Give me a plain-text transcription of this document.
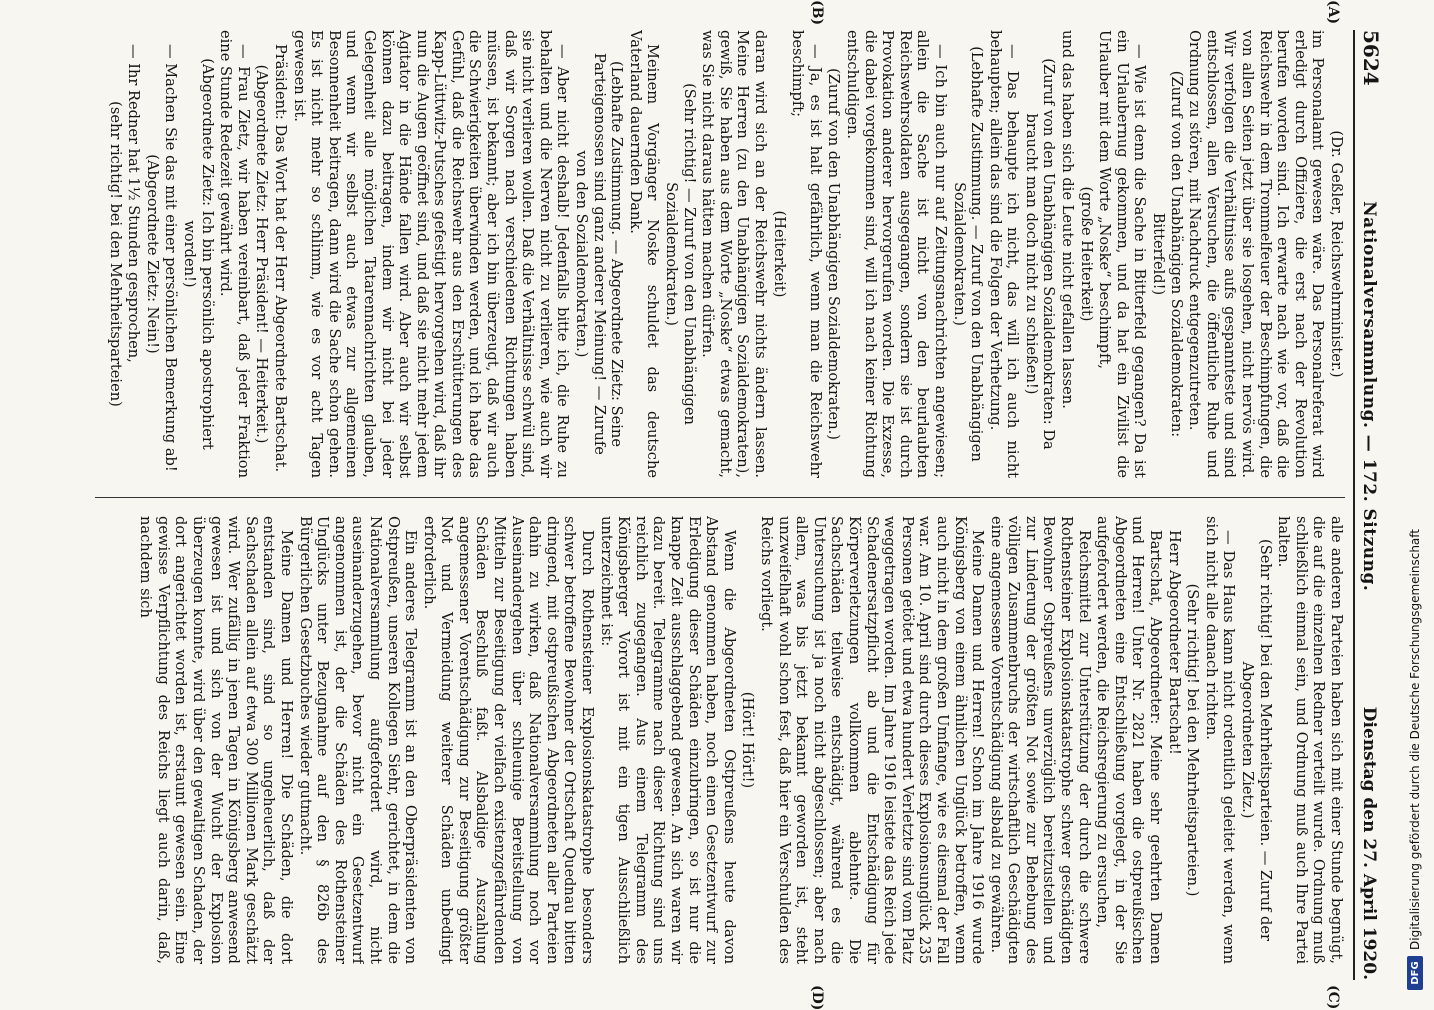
5624
Nationalversammlung. — 172. Sitzung.
Dienstag den 27. April 1920.

(Dr. Geßler, Reichswehrminister.)

im Personalamt gewesen wäre. Das Personalreferat wird erledigt durch Offiziere, die erst nach der Revolution berufen worden sind. Ich erwarte nach wie vor, daß die Reichswehr in dem Trommelfeuer der Beschimpfungen, die von allen Seiten jetzt über sie losgehen, nicht nervös wird. Wir verfolgen die Verhältnisse aufs gespannteste und sind entschlossen, allen Versuchen, die öffentliche Ruhe und Ordnung zu stören, mit Nachdruck entgegenzutreten.

(Zuruf von den Unabhängigen Sozialdemokraten: Bitterfeld!)

— Wie ist denn die Sache in Bitterfeld gegangen? Da ist ein Urlaubernug gekommen, und da hat ein Zivilist die Urlauber mit dem Worte „Noske“ beschimpft,

(große Heiterkeit)

und das haben sich die Leute nicht gefallen lassen.

(Zuruf von den Unabhängigen Sozialdemokraten: Da braucht man doch nicht zu schießen!)

— Das behaupte ich nicht, das will ich auch nicht behaupten; allein das sind die Folgen der Verhetzung.

(Lebhafte Zustimmung. — Zuruf von den Unabhängigen Sozialdemokraten.)

— Ich bin auch nur auf Zeitungsnachrichten angewiesen; allein die Sache ist nicht von den beurlaubten Reichswehrsoldaten ausgegangen, sondern sie ist durch Provokation anderer hervorgerufen worden. Die Exzesse, die dabei vorgekommen sind, will ich nach keiner Richtung entschuldigen.

(Zuruf von den Unabhängigen Sozialdemokraten.)

— Ja, es ist halt gefährlich, wenn man die Reichswehr beschimpft;

(Heiterkeit)

daran wird sich an der Reichswehr nichts ändern lassen. Meine Herren (zu den Unabhängigen Sozialdemokraten), gewiß, Sie haben aus dem Worte „Noske“ etwas gemacht, was Sie nicht daraus hätten machen dürfen.

(Sehr richtig! — Zuruf von den Unabhängigen Sozialdemokraten.)

Meinem Vorgänger Noske schuldet das deutsche Vaterland dauernden Dank.

(Lebhafte Zustimmung. — Abgeordnete Zietz: Seine Parteigenossen sind ganz anderer Meinung! — Zurufe von den Sozialdemokraten.)

— Aber nicht deshalb! Jedenfalls bitte ich, die Ruhe zu behalten und die Nerven nicht zu verlieren, wie auch wir sie nicht verlieren wollen. Daß die Verhältnisse schwül sind, daß wir Sorgen nach verschiedenen Richtungen haben müssen, ist bekannt; aber ich bin überzeugt, daß wir auch die Schwierigkeiten überwinden werden, und ich habe das Gefühl, daß die Reichswehr aus den Erschütterungen des Kapp-Lüttwitz-Putsches gefestigt hervorgehen wird, daß ihr nun die Augen geöffnet sind, und daß sie nicht mehr jedem Agitator in die Hände fallen wird. Aber auch wir selbst können dazu beitragen, indem wir nicht bei jeder Gelegenheit alle möglichen Tatarennachrichten glauben, und wenn wir selbst auch etwas zur allgemeinen Besonnenheit beitragen, dann wird die Sache schon gehen. Es ist nicht mehr so schlimm, wie es vor acht Tagen gewesen ist.

Präsident: Das Wort hat der Herr Abgeordnete Bartschat.

(Abgeordnete Zietz: Herr Präsident! — Heiterkeit.)

— Frau Zietz, wir haben vereinbart, daß jeder Fraktion eine Stunde Redezeit gewährt wird.

(Abgeordnete Zietz: Ich bin persönlich apostrophiert worden!)

— Machen Sie das mit einer persönlichen Bemerkung ab!

(Abgeordnete Zietz: Nein!)

— Ihr Redner hat 1½ Stunden gesprochen,

(sehr richtig! bei den Mehrheitsparteien)

alle anderen Parteien haben sich mit einer Stunde begnügt, die auf die einzelnen Redner verteilt wurde. Ordnung muß schließlich einmal sein, und Ordnung muß auch Ihre Partei halten.

(Sehr richtig! bei den Mehrheitsparteien. — Zuruf der Abgeordneten Zietz.)

— Das Haus kann nicht ordentlich geleitet werden, wenn sich nicht alle danach richten.

(Sehr richtig! bei den Mehrheitsparteien.)

Herr Abgeordneter Bartschat!

Bartschat, Abgeordneter: Meine sehr geehrten Damen und Herren! Unter Nr. 2821 haben die ostpreußischen Abgeordneten eine Entschließung vorgelegt, in der Sie aufgefordert werden, die Reichsregierung zu ersuchen,

Reichsmittel zur Unterstützung der durch die schwere Rothensteiner Explosionskatastrophe schwer geschädigten Bewohner Ostpreußens unverzüglich bereitzustellen und zur Linderung der größten Not sowie zur Behebung des völligen Zusammenbruchs der wirtschaftlich Geschädigten eine angemessene Vorentschädigung alsbald zu gewähren.

Meine Damen und Herren! Schon im Jahre 1916 wurde Königsberg von einem ähnlichen Unglück betroffen, wenn auch nicht in dem großen Umfange, wie es diesmal der Fall war. Am 10. April sind durch dieses Explosionsunglück 235 Personen getötet und etwa hundert Verletzte sind vom Platz weggetragen worden. Im Jahre 1916 leistete das Reich jede Schadenersatzpflicht ab und die Entschädigung für Körperverletzungen vollkommen ablehnte. Die Sachschäden teilweise entschädigt, während es die Untersuchung ist ja noch nicht abgeschlossen; aber nach allem, was bis jetzt bekannt geworden ist, steht unzweifelhaft wohl schon fest, daß hier ein Verschulden des Reichs vorliegt.

(Hört! Hört!)

Wenn die Abgeordneten Ostpreußens heute davon Abstand genommen haben, noch einen Gesetzentwurf zur Erledigung dieser Schäden einzubringen, so ist nur die knappe Zeit ausschlaggebend gewesen. An sich waren wir dazu bereit. Telegramme nach dieser Richtung sind uns reichlich zugegangen. Aus einem Telegramm des Königsberger Vorort ist mit ein tigen Ausschließlich unterzeichnet ist:

Durch Rothensteiner Explosionskatastrophe besonders schwer betroffene Bewohner der Ortschaft Quednau bitten dringend, mit ostpreußischen Abgeordneten aller Parteien dahin zu wirken, daß Nationalversammlung noch vor Auseinandergehen über schleunige Bereitstellung von Mitteln zur Beseitigung der vielfach existenzgefährdenden Schäden Beschluß faßt. Alsbaldige Auszahlung angemessener Vorentschädigung zur Beseitigung größter Not und Vermeidung weiterer Schäden unbedingt erforderlich.

Ein anderes Telegramm ist an den Oberpräsidenten von Ostpreußen, unseren Kollegen Siehr, gerichtet, in dem die Nationalversammlung aufgefordert wird, nicht auseinanderzugehen, bevor nicht ein Gesetzentwurf angenommen ist, der die Schäden des Rothensteiner Unglücks unter Bezugnahme auf den § 826b des Bürgerlichen Gesetzbuches wieder gutmacht.

Meine Damen und Herren! Die Schäden, die dort entstanden sind, sind so ungeheuerlich, daß der Sachschaden allein auf etwa 300 Millionen Mark geschätzt wird. Wer zufällig in jenen Tagen in Königsberg anwesend gewesen ist und sich von der Wucht der Explosion überzeugen konnte, wird über den gewaltigen Schaden, der dort angerichtet worden ist, erstaunt gewesen sein. Eine gewisse Verpflichtung des Reichs liegt auch darin, daß, nachdem sich

(A)
(B)
(C)
(D)
DFG
Digitalisierung gefördert durch die Deutsche Forschungsgemeinschaft
